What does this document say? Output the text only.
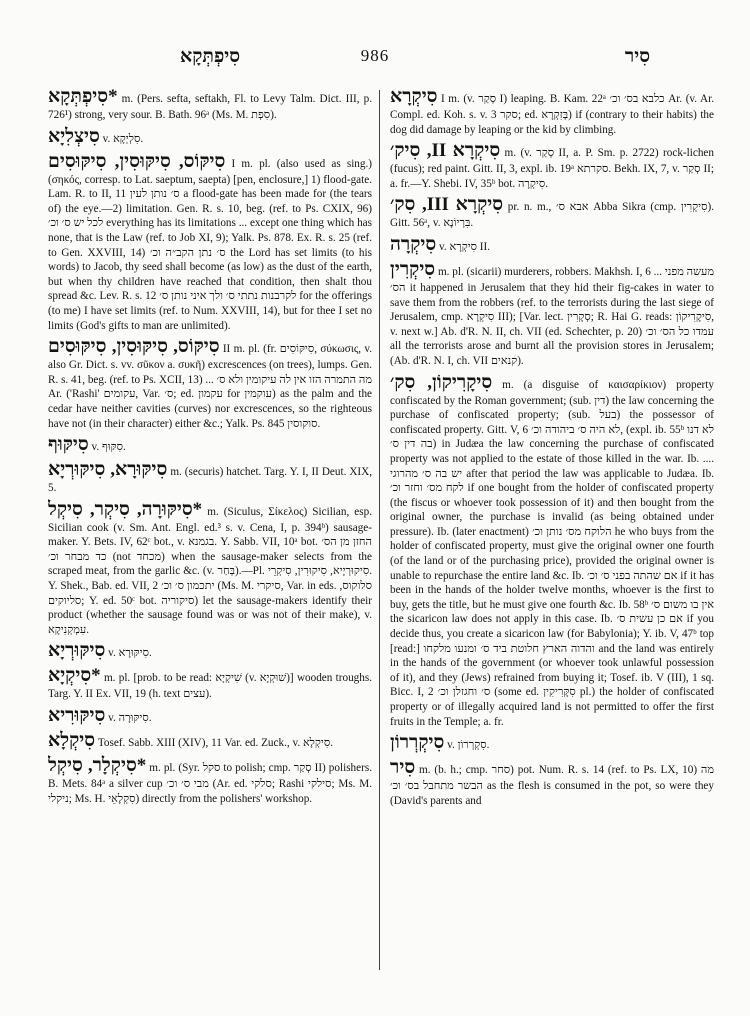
סִיפְתְּקָא	986	סִיר
*סִיפְתְּקָא m. (Pers. sefta, seftakh, Fl. to Levy Talm. Dict. III, p. 726¹) strong, very sour. B. Bath. 96ᵃ (Ms. M. סִפְת).
סִיצְלִיָא v. סִלְיְקָא.
סִיקּוֹס, סִיקּוּסִין, סִיקּוּסִים I m. pl. (also used as sing.) (σηκός, corresp. to Lat. saeptum, saepta) [pen, enclosure,] 1) flood-gate. Lam. R. to II, 11 ס׳ נותן לעין a flood-gate has been made for (the tears of) the eye.—2) limitation. Gen. R. s. 10, beg. (ref. to Ps. CXIX, 96) לכל יש ס׳ וכ׳ everything has its limitations ... except one thing which has none, that is the Law (ref. to Job XI, 9); Yalk. Ps. 878. Ex. R. s. 25 (ref. to Gen. XXVIII, 14) ס׳ נתן הקב״ה וכ׳ the Lord has set limits (to his words) to Jacob, thy seed shall become (as low) as the dust of the earth, but when thy children have reached that condition, then shalt thou spread &c. Lev. R. s. 12 לקרבנות נתתי ס׳ ולך איני נותן ס׳ for the offerings (to me) I have set limits (ref. to Num. XXVIII, 14), but for thee I set no limits (God's gifts to man are unlimited).
סִיקּוֹס, סִיקּוּסִין, סִיקּוּסִים II m. pl. (fr. סִיקּוֹסִים, σύκωσις, v. also Gr. Dict. s. vv. σῦκον a. συκῆ) excrescences (on trees), lumps. Gen. R. s. 41, beg. (ref. to Ps. XCII, 13) ... מה התמרה הזו אין לה עיקומין ולא ס׳ Ar. ('Rashi' עקומים, Var. ס׳; ed. עקמון for עוקמין) as the palm and the cedar have neither cavities (curves) nor excrescences, so the righteous have not (in their character) either &c.; Yalk. Ps. 845 סוקוסין.
סִיקּוּף v. סִקּוּף.
סִיקּוּרָא, סִיקּוּרְיָא m. (securis) hatchet. Targ. Y. I, II Deut. XIX, 5.
*סִיקּוּרָה, סִיקְר, סִיקְל m. (Siculus, Σίκελος) Sicilian, esp. Sicilian cook (v. Sm. Ant. Engl. ed.³ s. v. Cena, I, p. 394ᵇ) sausage-maker. Y. Bets. IV, 62ᶜ bot., v. בגמנא. Y. Sabb. VII, 10ᵃ bot. החזן מן הס׳ כד מבחר וכ׳ (not מכחד) when the sausage-maker selects from the scraped meat, from the garlic &c. (v. בְּחַר).—Pl. סִיקוּרְיָיא, סִיקוּרִין, סִיקְרֵי. Y. Shek., Bab. ed. VII, 2 יתכמון ס׳ וכ׳ (Ms. M. סיקרי, Var. in eds. סלוקוס, סליוקים; Y. ed. 50ᶜ bot. סיקוריה) let the sausage-makers identify their product (whether the sausage found was or was not of their make), v. עִמְקְנִיקָא.
סִיקּוּרְיָא v. סִיקּוּרָא.
*סִיקְיָא m. pl. [prob. to be read: שִׁיקְיָא (v. שׁוּקְיָא)] wooden troughs. Targ. Y. II Ex. VII, 19 (h. text עצים).
סִיקּוּרִיא v. סִיקּוּרָה.
סִיקְלָא Tosef. Sabb. XIII (XIV), 11 Var. ed. Zuck., v. סִיקְלָא.
*סִיקְלָר, סִיקְל m. pl. (Syr. סקל to polish; cmp. סְקַר II) polishers. B. Mets. 84ᵃ a silver cup מבי ס׳ וכ׳ (Ar. ed. סלקי; Rashi סילקי; Ms. M. ניקלי; Ms. H. סִקְלָאֵי) directly from the polishers' workshop.
סִיקְרָא I m. (v. סְקַר I) leaping. B. Kam. 22ᵃ כלבא בס׳ וכ׳ Ar. (v. Ar. Compl. ed. Koh. s. v. סקר 3; ed. בְּזִקְרָא) if (contrary to their habits) the dog did damage by leaping or the kid by climbing.
סִיקְרָא II, סִיק׳ m. (v. סְקַר II, a. P. Sm. p. 2722) rock-lichen (fucus); red paint. Gitt. II, 3, expl. ib. 19ᵃ סקרתא. Bekh. IX, 7, v. סְקַר II; a. fr.—Y. Shebi. IV, 35ᵇ bot. סִיקְרָה.
סִיקְרָא III, סִק׳ pr. n. m., אבא ס׳ Abba Sikra (cmp. סִיקְרִין). Gitt. 56ᵃ, v. בִּרְיוֹנָא.
סִיקְרָה v. סִיקְרָא II.
סִיקְרִין m. pl. (sicarii) murderers, robbers. Makhsh. I, 6 ... מעשה מפני הס׳ it happened in Jerusalem that they hid their fig-cakes in water to save them from the robbers (ref. to the terrorists during the last siege of Jerusalem, cmp. סִיקְרָא III); [Var. lect. סְקָרִין; R. Hai G. reads: סִיקָרִיקוֹן, v. next w.] Ab. d'R. N. II, ch. VII (ed. Schechter, p. 20) עמדו כל הס׳ וכ׳ all the terrorists arose and burnt all the provision stores in Jerusalem; (Ab. d'R. N. I, ch. VII קנאים).
סִיקָרִיקוֹן, סִק׳ m. (a disguise of καισαρίκιον) property confiscated by the Roman government; (sub. דין) the law concerning the purchase of confiscated property; (sub. בעל) the possessor of confiscated property. Gitt. V, 6 לא היה ס׳ ביהודה וכ׳, (expl. ib. 55ᵇ לא דנו בה דין ס׳) in Judæa the law concerning the purchase of confiscated property was not applied to the estate of those killed in the war. Ib. .... יש בה ס׳ מהרוגי after that period the law was applicable to Judæa. Ib. לקח מס׳ וחזר וכ׳ if one bought from the holder of confiscated property (the fiscus or whoever took possession of it) and then bought from the original owner, the purchase is invalid (as being obtained under pressure). Ib. (later enactment) הלוקח מס׳ נותן וכ׳ he who buys from the holder of confiscated property, must give the original owner one fourth (of the land or of the purchasing price), provided the original owner is unable to repurchase the entire land &c. Ib. אם שהתה בפני ס׳ וכ׳ if it has been in the hands of the holder twelve months, whoever is the first to buy, gets the title, but he must give one fourth &c. Ib. 58ᵇ אין בו משום ס׳ the sicaricon law does not apply in this case. Ib. אם כן עשית ס׳ if you decide thus, you create a sicaricon law (for Babylonia); Y. ib. V, 47ᵇ top [read:] והדוה הארץ חלוטת ביד ס׳ ומנעו מלקחו and the land was entirely in the hands of the government (or whoever took unlawful possession of it), and they (Jews) refrained from buying it; Tosef. ib. V (III), 1 sq. Bicc. I, 2 ס׳ וחגזלן וכ׳ (some ed. סִקָּרִיקִין pl.) the holder of confiscated property or of illegally acquired land is not permitted to offer the first fruits in the Temple; a. fr.
סִיקְרְרוֹן v. סִקְרְרוֹן.
סִיר m. (b. h.; cmp. סחר) pot. Num. R. s. 14 (ref. to Ps. LX, 10) מה הבשר מתחבל בס׳ וכ׳ as the flesh is consumed in the pot, so were they (David's parents and
